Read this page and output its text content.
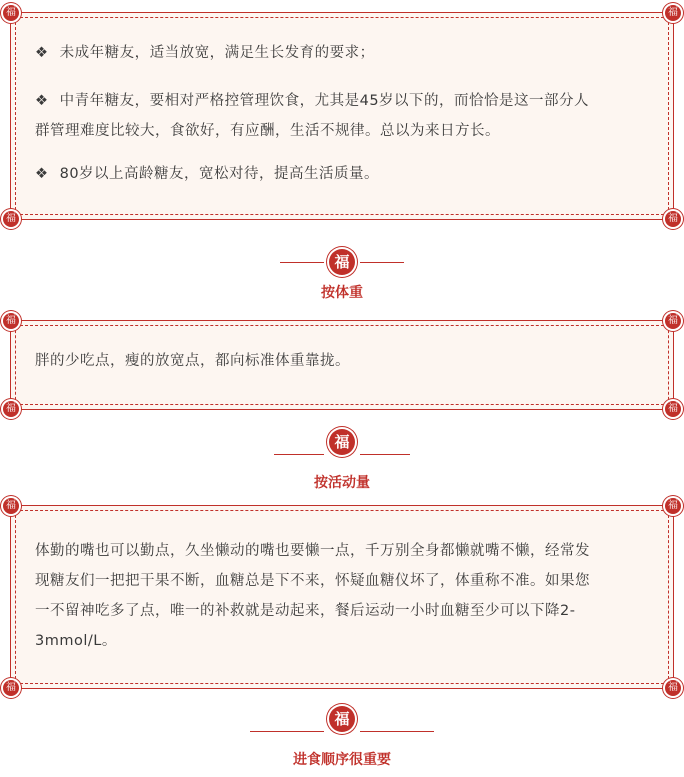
福	福
福	福

❖ 未成年糖友，适当放宽，满足生长发育的要求；

❖ 中青年糖友，要相对严格控管理饮食，尤其是45岁以下的，而恰恰是这一部分人
群管理难度比较大，食欲好，有应酬，生活不规律。总以为来日方长。

❖ 80岁以上高龄糖友，宽松对待，提高生活质量。

福
按体重
福	福
福	福
胖的少吃点，瘦的放宽点，都向标准体重靠拢。
福
按活动量
福	福
福	福
体勤的嘴也可以勤点，久坐懒动的嘴也要懒一点，千万别全身都懒就嘴不懒，经常发
现糖友们一把把干果不断，血糖总是下不来，怀疑血糖仪坏了，体重称不准。如果您
一不留神吃多了点，唯一的补救就是动起来，餐后运动一小时血糖至少可以下降2-
3mmol/L。
福
进食顺序很重要
